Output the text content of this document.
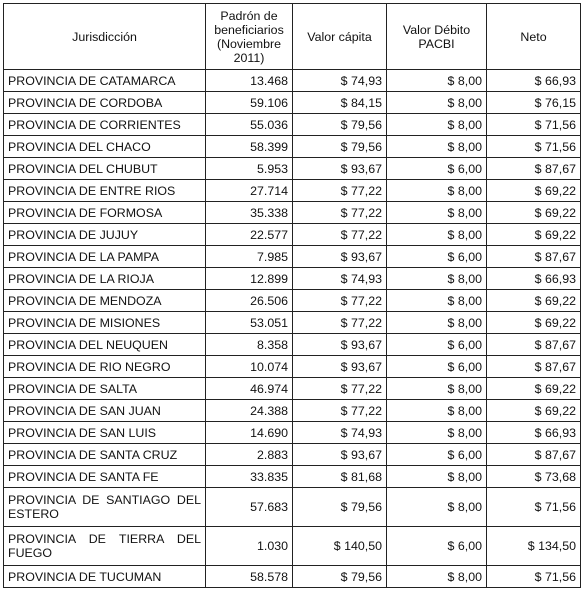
Jurisdicción	Padrón de beneficiarios (Noviembre 2011)	Valor cápita	Valor Débito PACBI	Neto
PROVINCIA DE CATAMARCA	13.468	$ 74,93	$ 8,00	$ 66,93
PROVINCIA DE CORDOBA	59.106	$ 84,15	$ 8,00	$ 76,15
PROVINCIA DE CORRIENTES	55.036	$ 79,56	$ 8,00	$ 71,56
PROVINCIA DEL CHACO	58.399	$ 79,56	$ 8,00	$ 71,56
PROVINCIA DEL CHUBUT	5.953	$ 93,67	$ 6,00	$ 87,67
PROVINCIA DE ENTRE RIOS	27.714	$ 77,22	$ 8,00	$ 69,22
PROVINCIA DE FORMOSA	35.338	$ 77,22	$ 8,00	$ 69,22
PROVINCIA DE JUJUY	22.577	$ 77,22	$ 8,00	$ 69,22
PROVINCIA DE LA PAMPA	7.985	$ 93,67	$ 6,00	$ 87,67
PROVINCIA DE LA RIOJA	12.899	$ 74,93	$ 8,00	$ 66,93
PROVINCIA DE MENDOZA	26.506	$ 77,22	$ 8,00	$ 69,22
PROVINCIA DE MISIONES	53.051	$ 77,22	$ 8,00	$ 69,22
PROVINCIA DEL NEUQUEN	8.358	$ 93,67	$ 6,00	$ 87,67
PROVINCIA DE RIO NEGRO	10.074	$ 93,67	$ 6,00	$ 87,67
PROVINCIA DE SALTA	46.974	$ 77,22	$ 8,00	$ 69,22
PROVINCIA DE SAN JUAN	24.388	$ 77,22	$ 8,00	$ 69,22
PROVINCIA DE SAN LUIS	14.690	$ 74,93	$ 8,00	$ 66,93
PROVINCIA DE SANTA CRUZ	2.883	$ 93,67	$ 6,00	$ 87,67
PROVINCIA DE SANTA FE	33.835	$ 81,68	$ 8,00	$ 73,68
PROVINCIA DE SANTIAGO DEL ESTERO	57.683	$ 79,56	$ 8,00	$ 71,56
PROVINCIA DE TIERRA DEL FUEGO	1.030	$ 140,50	$ 6,00	$ 134,50
PROVINCIA DE TUCUMAN	58.578	$ 79,56	$ 8,00	$ 71,56
